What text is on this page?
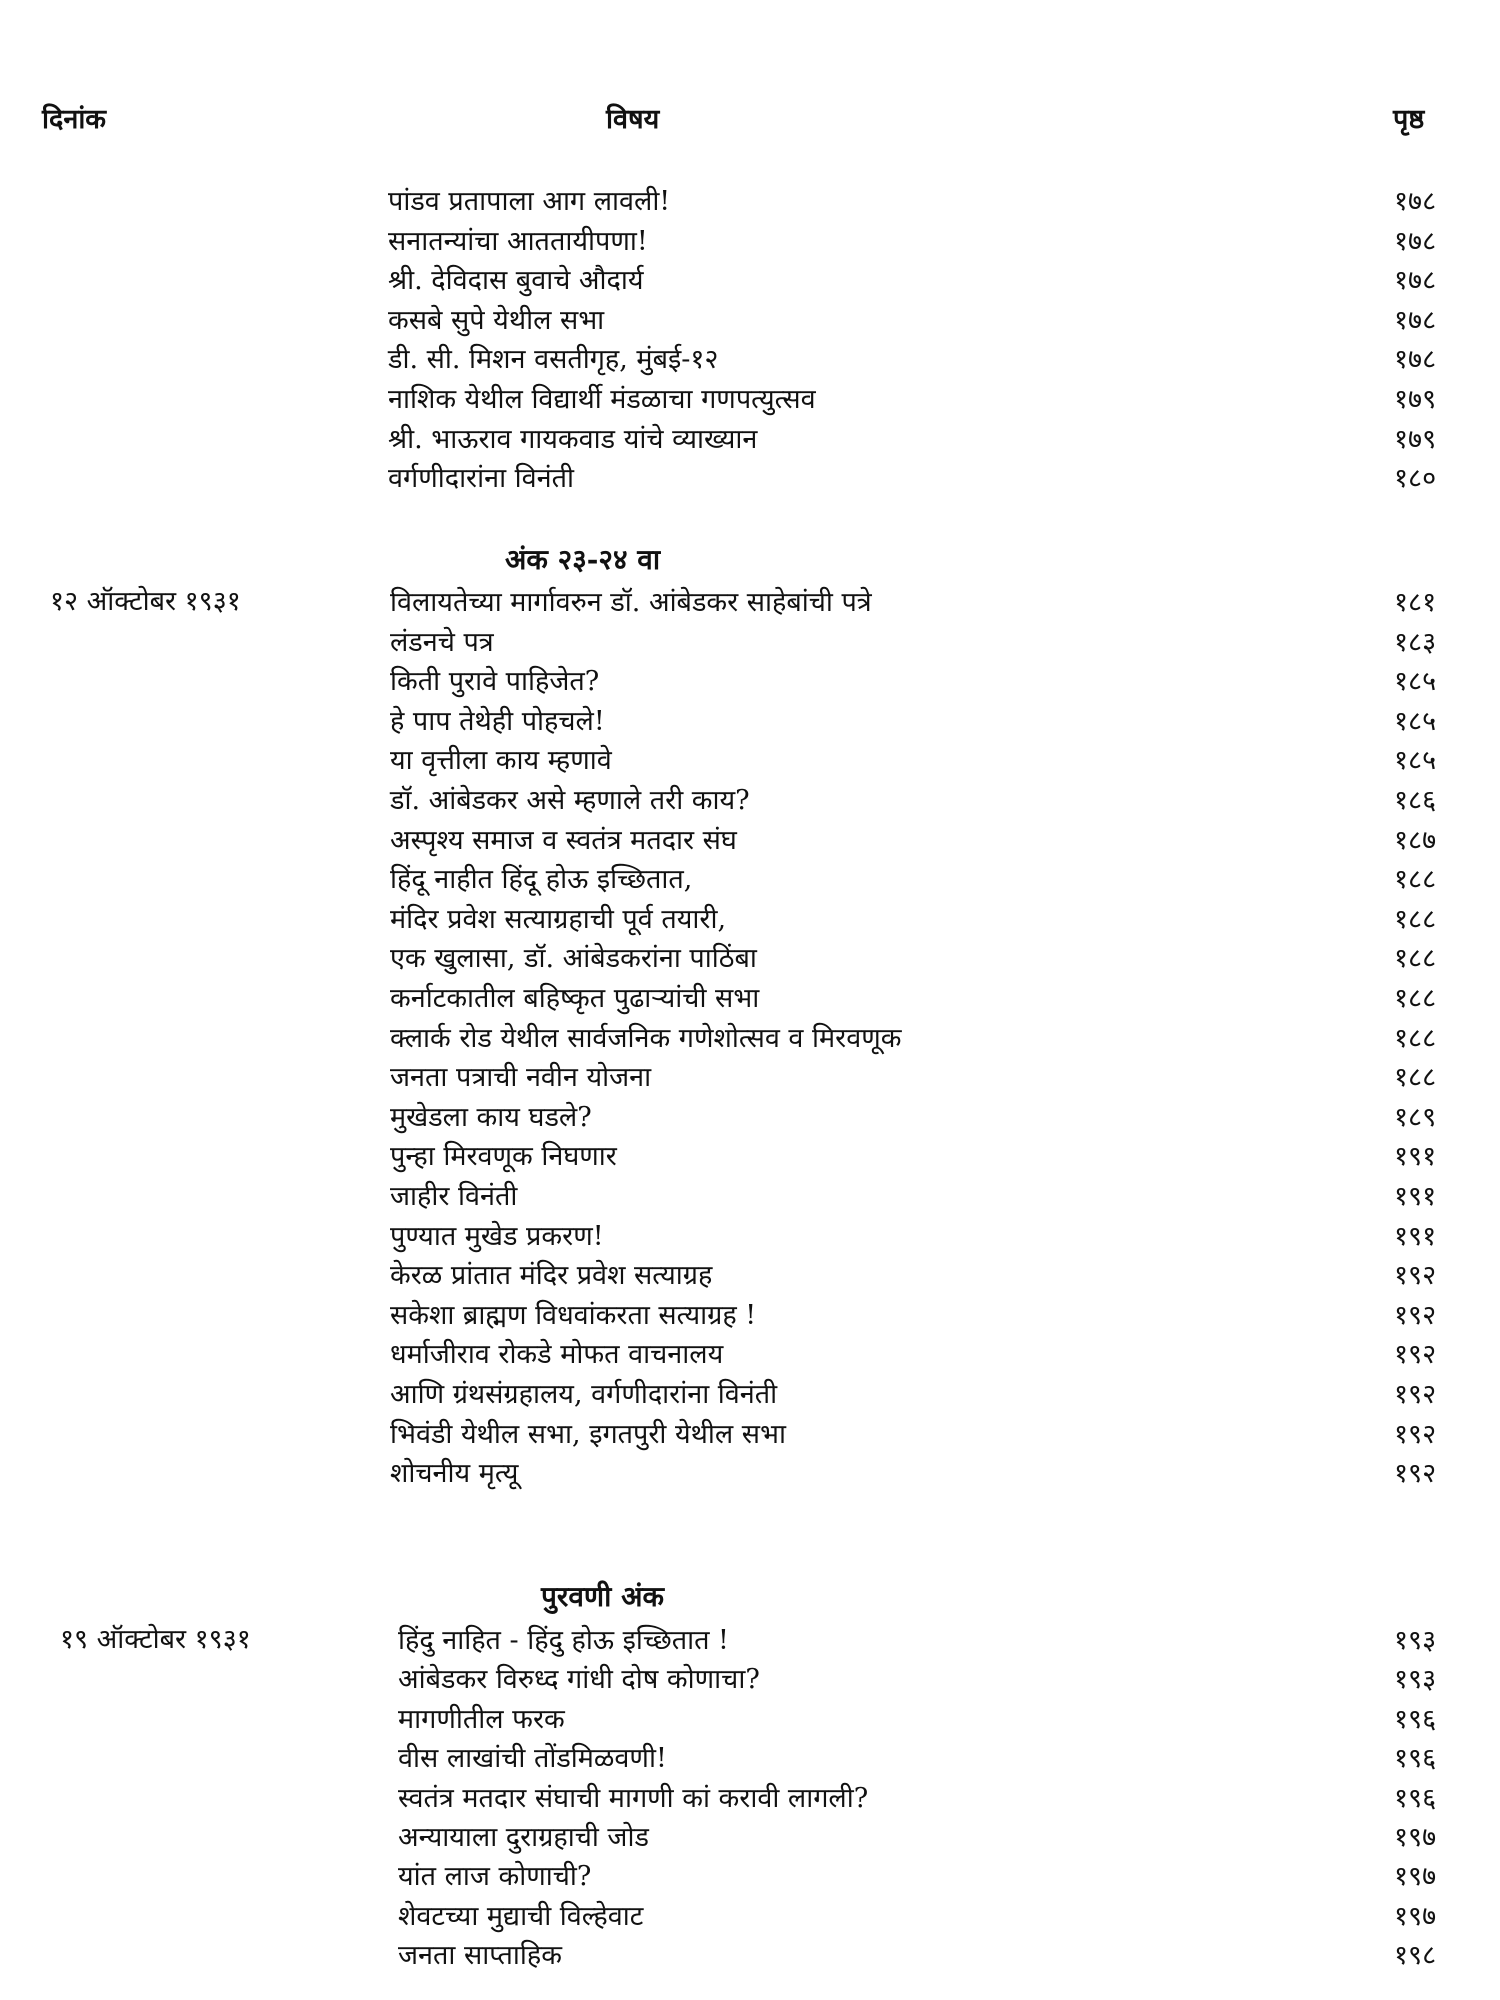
दिनांक	विषय	पृष्ठ
पांडव प्रतापाला आग लावली!	१७८
सनातन्यांचा आततायीपणा!	१७८
श्री. देविदास बुवाचे औदार्य	१७८
कसबे सुपे येथील सभा	१७८
डी. सी. मिशन वसतीगृह, मुंबई-१२	१७८
नाशिक येथील विद्यार्थी मंडळाचा गणपत्युत्सव	१७९
श्री. भाऊराव गायकवाड यांचे व्याख्यान	१७९
वर्गणीदारांना विनंती	१८०
अंक २३-२४ वा
१२ ऑक्टोबर १९३१	विलायतेच्या मार्गावरुन डॉ. आंबेडकर साहेबांची पत्रे	१८१
लंडनचे पत्र	१८३
किती पुरावे पाहिजेत?	१८५
हे पाप तेथेही पोहचले!	१८५
या वृत्तीला काय म्हणावे	१८५
डॉ. आंबेडकर असे म्हणाले तरी काय?	१८६
अस्पृश्य समाज व स्वतंत्र मतदार संघ	१८७
हिंदू नाहीत हिंदू होऊ इच्छितात,	१८८
मंदिर प्रवेश सत्याग्रहाची पूर्व तयारी,	१८८
एक खुलासा, डॉ. आंबेडकरांना पाठिंबा	१८८
कर्नाटकातील बहिष्कृत पुढाऱ्यांची सभा	१८८
क्लार्क रोड येथील सार्वजनिक गणेशोत्सव व मिरवणूक	१८८
जनता पत्राची नवीन योजना	१८८
मुखेडला काय घडले?	१८९
पुन्हा मिरवणूक निघणार	१९१
जाहीर विनंती	१९१
पुण्यात मुखेड प्रकरण!	१९१
केरळ प्रांतात मंदिर प्रवेश सत्याग्रह	१९२
सकेशा ब्राह्मण विधवांकरता सत्याग्रह !	१९२
धर्माजीराव रोकडे मोफत वाचनालय	१९२
आणि ग्रंथसंग्रहालय, वर्गणीदारांना विनंती	१९२
भिवंडी येथील सभा, इगतपुरी येथील सभा	१९२
शोचनीय मृत्यू	१९२
पुरवणी अंक
१९ ऑक्टोबर १९३१	हिंदु नाहित - हिंदु होऊ इच्छितात !	१९३
आंबेडकर विरुध्द गांधी दोष कोणाचा?	१९३
मागणीतील फरक	१९६
वीस लाखांची तोंडमिळवणी!	१९६
स्वतंत्र मतदार संघाची मागणी कां करावी लागली?	१९६
अन्यायाला दुराग्रहाची जोड	१९७
यांत लाज कोणाची?	१९७
शेवटच्या मुद्याची विल्हेवाट	१९७
जनता साप्ताहिक	१९८
